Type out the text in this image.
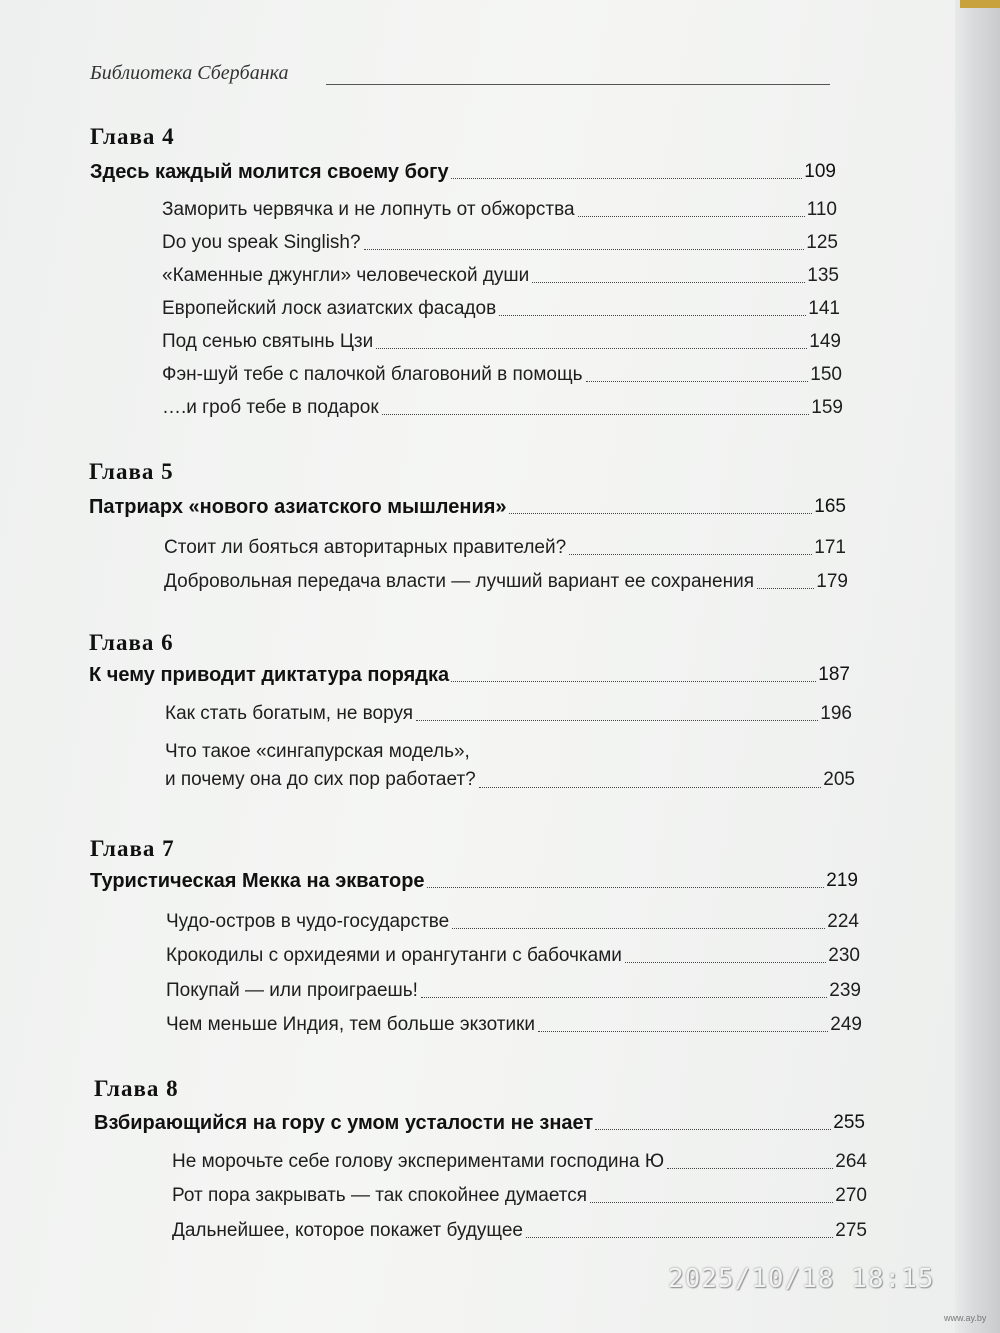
Библиотека Сбербанка
Глава 4
Здесь каждый молится своему богу	109
Заморить червячка и не лопнуть от обжорства	110
Do you speak Singlish?	125
«Каменные джунгли» человеческой души	135
Европейский лоск азиатских фасадов	141
Под сенью святынь Цзи	149
Фэн-шуй тебе с палочкой благовоний в помощь	150
….и гроб тебе в подарок	159
Глава 5
Патриарх «нового азиатского мышления»	165
Стоит ли бояться авторитарных правителей?	171
Добровольная передача власти — лучший вариант ее сохранения	179
Глава 6
К чему приводит диктатура порядка	187
Как стать богатым, не воруя	196
Что такое «сингапурская модель»,
и почему она до сих пор работает?	205
Глава 7
Туристическая Мекка на экваторе	219
Чудо-остров в чудо-государстве	224
Крокодилы с орхидеями и орангутанги с бабочками	230
Покупай — или проиграешь!	239
Чем меньше Индия, тем больше экзотики	249
Глава 8
Взбирающийся на гору с умом усталости не знает	255
Не морочьте себе голову экспериментами господина Ю	264
Рот пора закрывать — так спокойнее думается	270
Дальнейшее, которое покажет будущее	275
2025/10/18 18:15
www.ay.by
